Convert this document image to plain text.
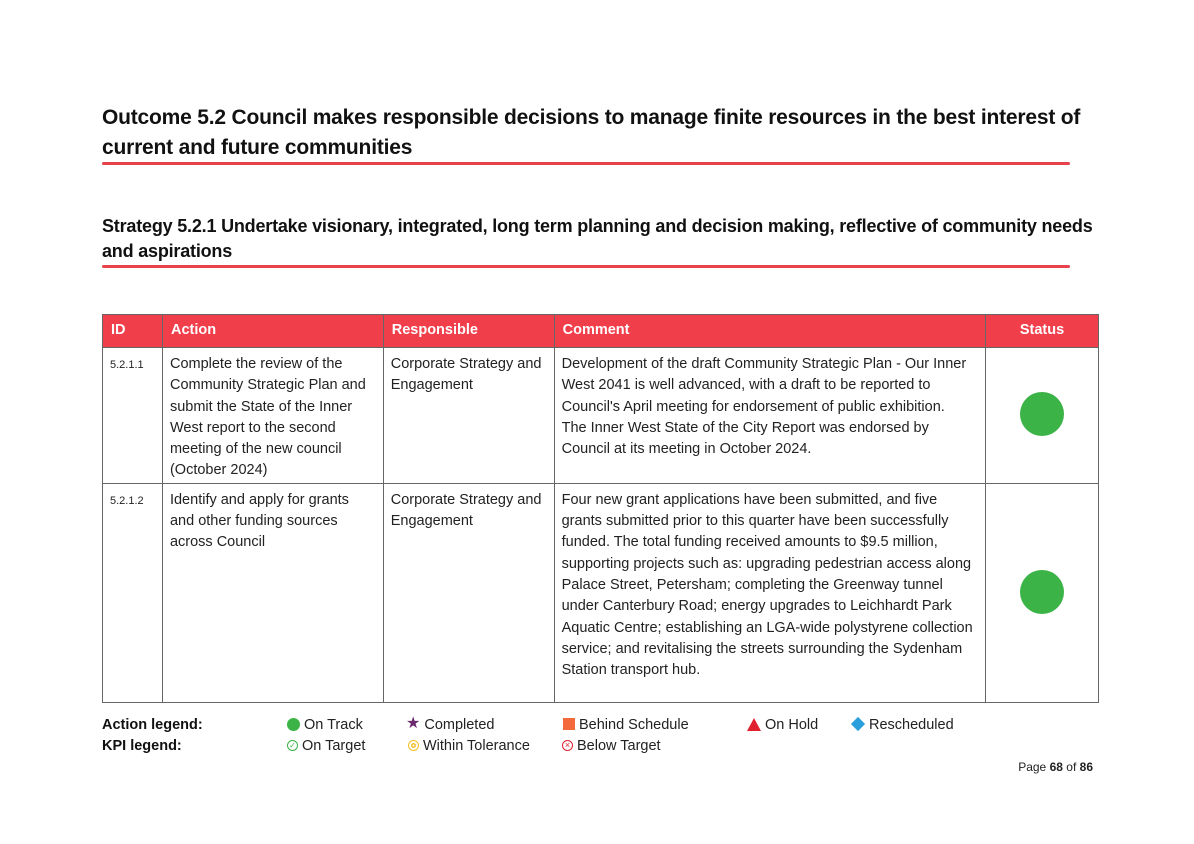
Outcome 5.2 Council makes responsible decisions to manage finite resources in the best interest of current and future communities
Strategy 5.2.1 Undertake visionary, integrated, long term planning and decision making, reflective of community needs and aspirations
ID	Action	Responsible	Comment	Status
5.2.1.1	Complete the review of the Community Strategic Plan and submit the State of the Inner West report to the second meeting of the new council (October 2024)	Corporate Strategy and Engagement	Development of the draft Community Strategic Plan - Our Inner West 2041 is well advanced, with a draft to be reported to Council's April meeting for endorsement of public exhibition.
The Inner West State of the City Report was endorsed by Council at its meeting in October 2024.	

5.2.1.2	Identify and apply for grants and other funding sources across Council	Corporate Strategy and Engagement	Four new grant applications have been submitted, and five grants submitted prior to this quarter have been successfully funded. The total funding received amounts to $9.5 million, supporting projects such as: upgrading pedestrian access along Palace Street, Petersham; completing the Greenway tunnel under Canterbury Road; energy upgrades to Leichhardt Park Aquatic Centre; establishing an LGA-wide polystyrene collection service; and revitalising the streets surrounding the Sydenham Station transport hub.	

Action legend:
KPI legend:
On Track	★ Completed	Behind Schedule	On Hold	Rescheduled
✓ On Target	Within Tolerance	× Below Target
Page 68 of 86
